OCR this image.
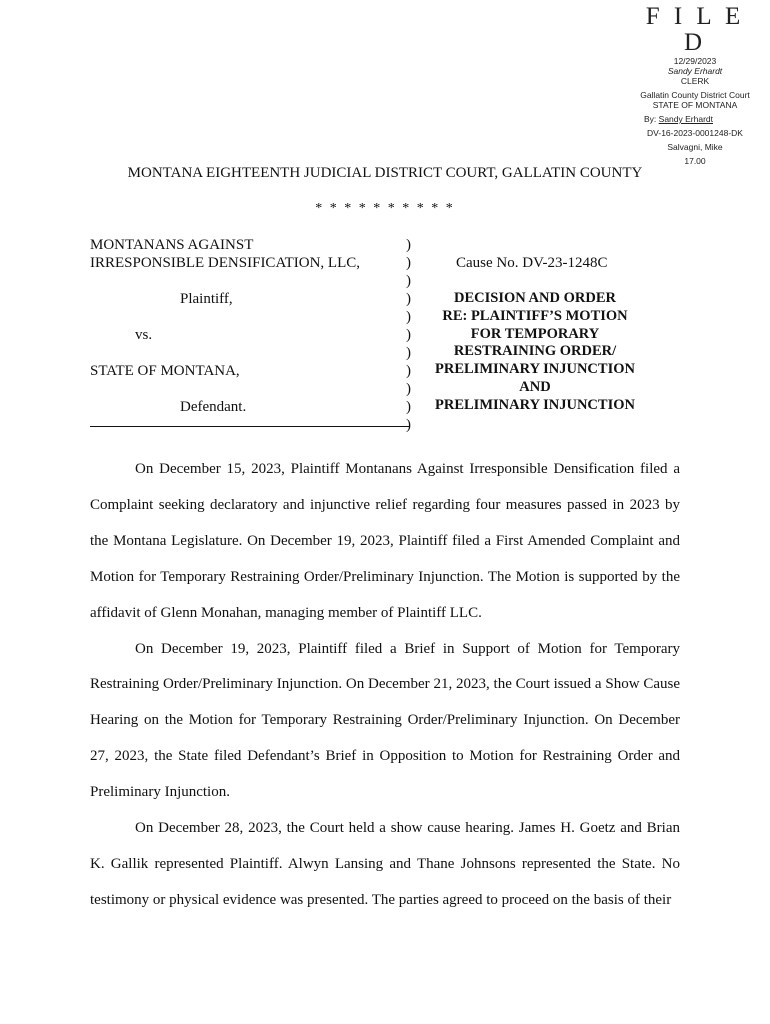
F I L E D
12/29/2023
Sandy Erhardt
CLERK
Gallatin County District Court
STATE OF MONTANA
By: Sandy Erhardt
DV-16-2023-0001248-DK
Salvagni, Mike
17.00
MONTANA EIGHTEENTH JUDICIAL DISTRICT COURT, GALLATIN COUNTY
* * * * * * * * * *
MONTANANS AGAINST
IRRESPONSIBLE DENSIFICATION, LLC,
Plaintiff,
vs.
STATE OF MONTANA,
Defendant.
)
)
)
)
)
)
)
)
)
)
)
Cause No. DV-23-1248C
DECISION AND ORDER
RE: PLAINTIFF’S MOTION
FOR TEMPORARY
RESTRAINING ORDER/
PRELIMINARY INJUNCTION
AND
PRELIMINARY INJUNCTION

On December 15, 2023, Plaintiff Montanans Against Irresponsible Densification filed a Complaint seeking declaratory and injunctive relief regarding four measures passed in 2023 by the Montana Legislature. On December 19, 2023, Plaintiff filed a First Amended Complaint and Motion for Temporary Restraining Order/Preliminary Injunction. The Motion is supported by the affidavit of Glenn Monahan, managing member of Plaintiff LLC.

On December 19, 2023, Plaintiff filed a Brief in Support of Motion for Temporary Restraining Order/Preliminary Injunction. On December 21, 2023, the Court issued a Show Cause Hearing on the Motion for Temporary Restraining Order/Preliminary Injunction. On December 27, 2023, the State filed Defendant’s Brief in Opposition to Motion for Restraining Order and Preliminary Injunction.

On December 28, 2023, the Court held a show cause hearing. James H. Goetz and Brian K. Gallik represented Plaintiff. Alwyn Lansing and Thane Johnsons represented the State. No testimony or physical evidence was presented. The parties agreed to proceed on the basis of their
